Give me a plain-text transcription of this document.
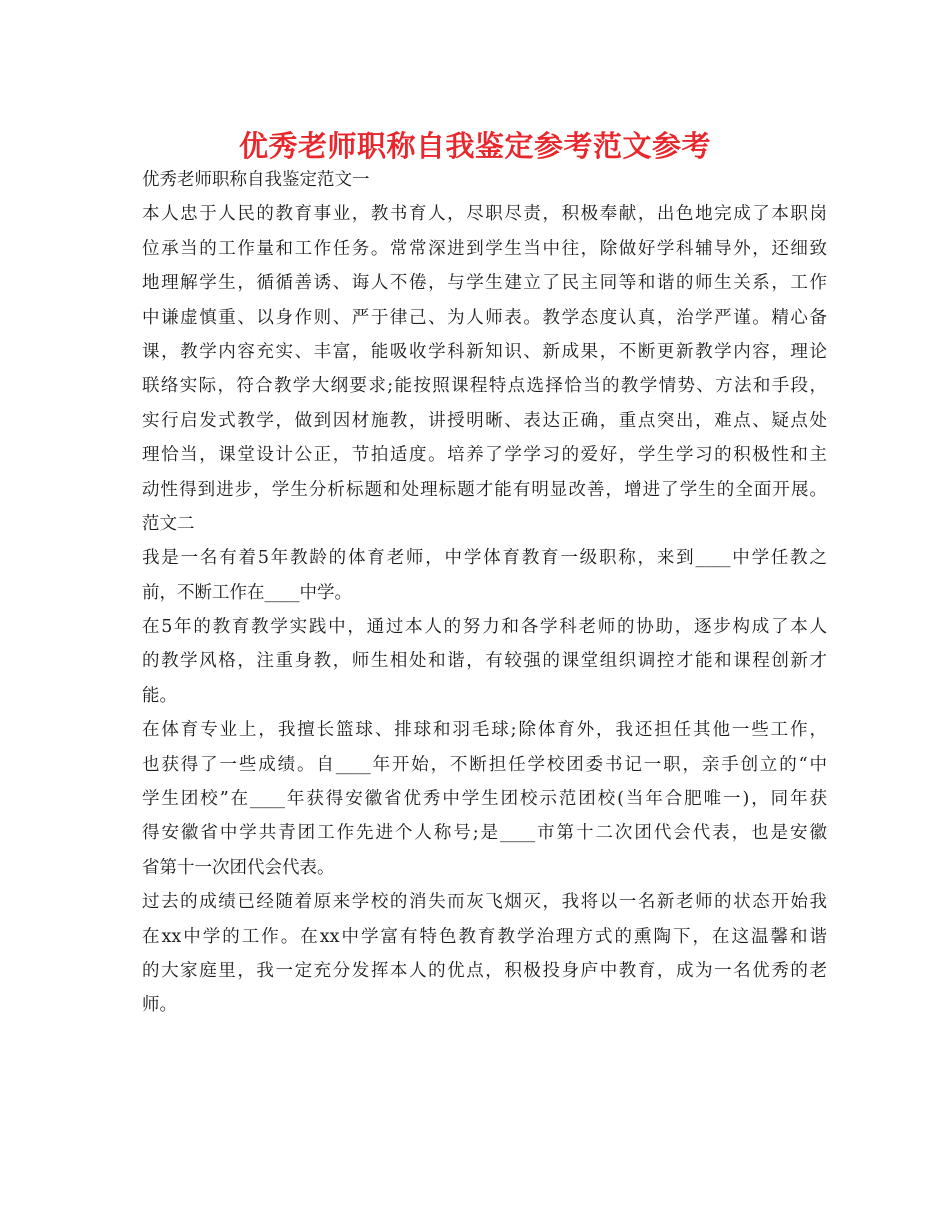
优秀老师职称自我鉴定参考范文参考
优秀老师职称自我鉴定范文一
本人忠于人民的教育事业，教书育人，尽职尽责，积极奉献，出色地完成了本职岗
位承当的工作量和工作任务。常常深进到学生当中往，除做好学科辅导外，还细致
地理解学生，循循善诱、诲人不倦，与学生建立了民主同等和谐的师生关系，工作
中谦虚慎重、以身作则、严于律己、为人师表。教学态度认真，治学严谨。精心备
课，教学内容充实、丰富，能吸收学科新知识、新成果，不断更新教学内容，理论
联络实际，符合教学大纲要求;能按照课程特点选择恰当的教学情势、方法和手段，
实行启发式教学，做到因材施教，讲授明晰、表达正确，重点突出，难点、疑点处
理恰当，课堂设计公正，节拍适度。培养了学学习的爱好，学生学习的积极性和主
动性得到进步，学生分析标题和处理标题才能有明显改善，增进了学生的全面开展。
范文二
我是一名有着5年教龄的体育老师，中学体育教育一级职称，来到____中学任教之
前，不断工作在____中学。
在5年的教育教学实践中，通过本人的努力和各学科老师的协助，逐步构成了本人
的教学风格，注重身教，师生相处和谐，有较强的课堂组织调控才能和课程创新才
能。
在体育专业上，我擅长篮球、排球和羽毛球;除体育外，我还担任其他一些工作，
也获得了一些成绩。自____年开始，不断担任学校团委书记一职，亲手创立的“中
学生团校”在____年获得安徽省优秀中学生团校示范团校(当年合肥唯一)，同年获
得安徽省中学共青团工作先进个人称号;是____市第十二次团代会代表，也是安徽
省第十一次团代会代表。
过去的成绩已经随着原来学校的消失而灰飞烟灭，我将以一名新老师的状态开始我
在xx中学的工作。在xx中学富有特色教育教学治理方式的熏陶下，在这温馨和谐
的大家庭里，我一定充分发挥本人的优点，积极投身庐中教育，成为一名优秀的老
师。
